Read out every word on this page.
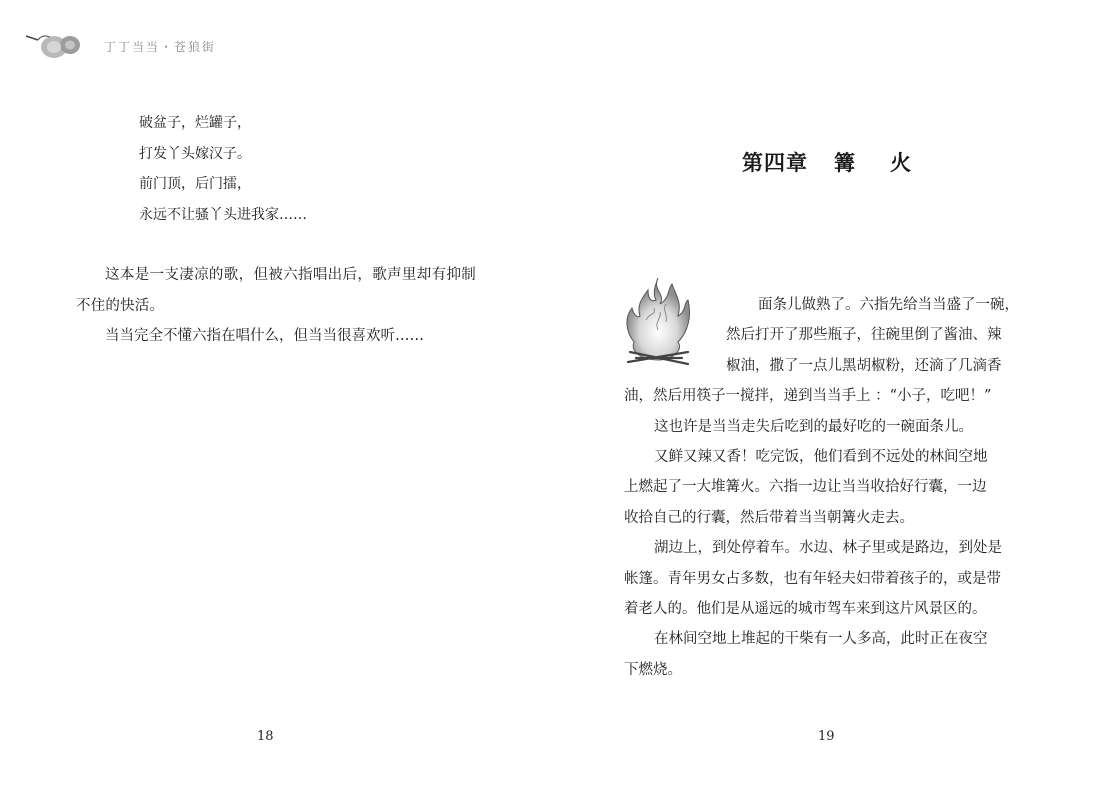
丁丁当当・苍狼街
破盆子，烂罐子，
打发丫头嫁汉子。
前门顶，后门擂，
永远不让骚丫头进我家……

这本是一支凄凉的歌，但被六指唱出后，歌声里却有抑制不住的快活。

当当完全不懂六指在唱什么，但当当很喜欢听……

18
第四章 篝 火
面条儿做熟了。六指先给当当盛了一碗，
然后打开了那些瓶子，往碗里倒了酱油、辣
椒油，撒了一点儿黑胡椒粉，还滴了几滴香
油，然后用筷子一搅拌，递到当当手上 ：“小子，吃吧！”
这也许是当当走失后吃到的最好吃的一碗面条儿。
又鲜又辣又香！吃完饭，他们看到不远处的林间空地
上燃起了一大堆篝火。六指一边让当当收拾好行囊，一边
收拾自己的行囊，然后带着当当朝篝火走去。
湖边上，到处停着车。水边、林子里或是路边，到处是
帐篷。青年男女占多数，也有年轻夫妇带着孩子的，或是带
着老人的。他们是从遥远的城市驾车来到这片风景区的。
在林间空地上堆起的干柴有一人多高，此时正在夜空
下燃烧。
19
